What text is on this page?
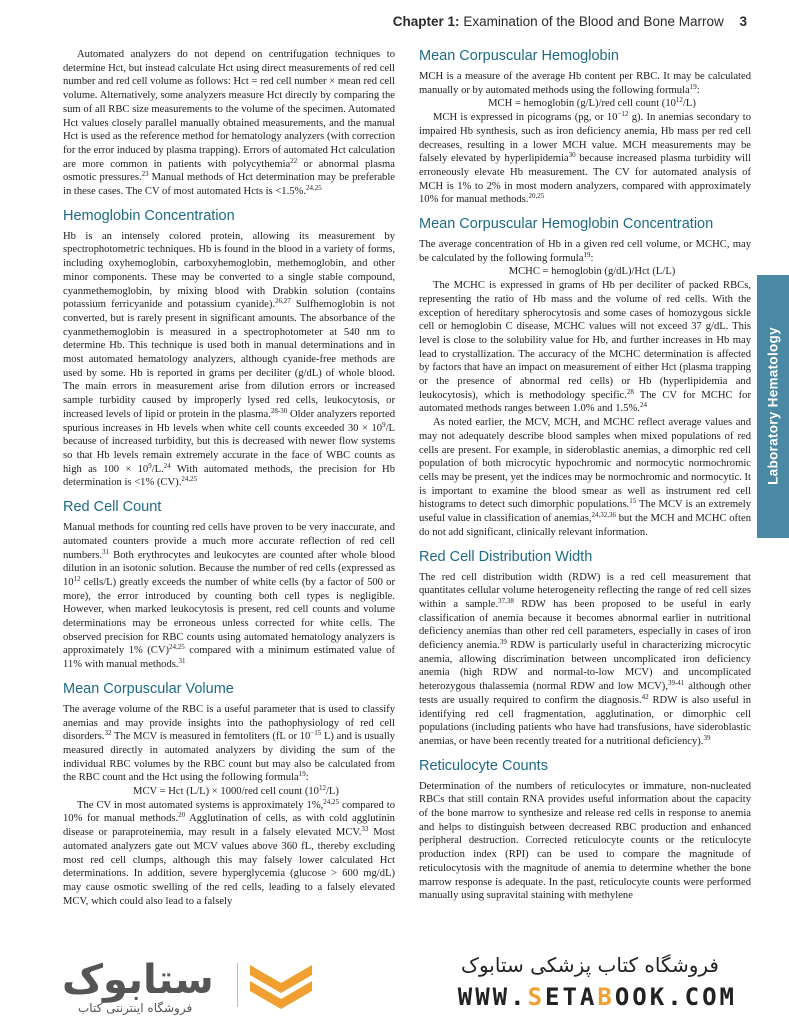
Chapter 1: Examination of the Blood and Bone Marrow 3

Automated analyzers do not depend on centrifugation techniques to determine Hct, but instead calculate Hct using direct measurements of red cell number and red cell volume as follows: Hct = red cell number × mean red cell volume. Alternatively, some analyzers measure Hct directly by comparing the sum of all RBC size measurements to the volume of the specimen. Automated Hct values closely parallel manually obtained measurements, and the manual Hct is used as the reference method for hematology analyzers (with correction for the error induced by plasma trapping). Errors of automated Hct calculation are more common in patients with polycythemia$^{22}$ or abnormal plasma osmotic pressures.$^{23}$ Manual methods of Hct determination may be preferable in these cases. The CV of most automated Hcts is <1.5%.$^{24,25}$

Hemoglobin Concentration

Hb is an intensely colored protein, allowing its measurement by spectrophotometric techniques. Hb is found in the blood in a variety of forms, including oxyhemoglobin, carboxyhemoglobin, methemoglobin, and other minor components. These may be converted to a single stable compound, cyanmethemoglobin, by mixing blood with Drabkin solution (contains potassium ferricyanide and potassium cyanide).$^{26,27}$ Sulfhemoglobin is not converted, but is rarely present in significant amounts. The absorbance of the cyanmethemoglobin is measured in a spectrophotometer at 540 nm to determine Hb. This technique is used both in manual determinations and in most automated hematology analyzers, although cyanide-free methods are used by some. Hb is reported in grams per deciliter (g/dL) of whole blood. The main errors in measurement arise from dilution errors or increased sample turbidity caused by improperly lysed red cells, leukocytosis, or increased levels of lipid or protein in the plasma.$^{28-30}$ Older analyzers reported spurious increases in Hb levels when white cell counts exceeded $30 \times 10^9/L$ because of increased turbidity, but this is decreased with newer flow systems so that Hb levels remain extremely accurate in the face of WBC counts as high as $100 \times 10^9/L.^{24}$ With automated methods, the precision for Hb determination is <1% (CV).$^{24,25}$

Red Cell Count

Manual methods for counting red cells have proven to be very inaccurate, and automated counters provide a much more accurate reflection of red cell numbers.$^{31}$ Both erythrocytes and leukocytes are counted after whole blood dilution in an isotonic solution. Because the number of red cells (expressed as $10^{12}$ cells/L) greatly exceeds the number of white cells (by a factor of 500 or more), the error introduced by counting both cell types is negligible. However, when marked leukocytosis is present, red cell counts and volume determinations may be erroneous unless corrected for white cells. The observed precision for RBC counts using automated hematology analyzers is approximately 1% (CV)$^{24,25}$ compared with a minimum estimated value of 11% with manual methods.$^{31}$

Mean Corpuscular Volume

The average volume of the RBC is a useful parameter that is used to classify anemias and may provide insights into the pathophysiology of red cell disorders.$^{32}$ The MCV is measured in femtoliters (fL or $10^{-15}$ L) and is usually measured directly in automated analyzers by dividing the sum of the individual RBC volumes by the RBC count but may also be calculated from the RBC count and the Hct using the following formula$^{19}$:

MCV = Hct (L/L) × 1000/red cell count $(10^{12}/L)$

The CV in most automated systems is approximately 1%,$^{24,25}$ compared to 10% for manual methods.$^{20}$ Agglutination of cells, as with cold agglutinin disease or paraproteinemia, may result in a falsely elevated MCV.$^{33}$ Most automated analyzers gate out MCV values above 360 fL, thereby excluding most red cell clumps, although this may falsely lower calculated Hct determinations. In addition, severe hyperglycemia (glucose > 600 mg/dL) may cause osmotic swelling of the red cells, leading to a falsely elevated MCV, which could also lead to a falsely

Mean Corpuscular Hemoglobin

MCH is a measure of the average Hb content per RBC. It may be calculated manually or by automated methods using the following formula$^{19}$:

MCH = hemoglobin (g/L)/red cell count $(10^{12}/L)$

MCH is expressed in picograms (pg, or $10^{-12}$ g). In anemias secondary to impaired Hb synthesis, such as iron deficiency anemia, Hb mass per red cell decreases, resulting in a lower MCH value. MCH measurements may be falsely elevated by hyperlipidemia$^{30}$ because increased plasma turbidity will erroneously elevate Hb measurement. The CV for automated analysis of MCH is 1% to 2% in most modern analyzers, compared with approximately 10% for manual methods.$^{20,25}$

Mean Corpuscular Hemoglobin Concentration

The average concentration of Hb in a given red cell volume, or MCHC, may be calculated by the following formula$^{19}$:

MCHC = hemoglobin (g/dL)/Hct (L/L)

The MCHC is expressed in grams of Hb per deciliter of packed RBCs, representing the ratio of Hb mass and the volume of red cells. With the exception of hereditary spherocytosis and some cases of homozygous sickle cell or hemoglobin C disease, MCHC values will not exceed 37 g/dL. This level is close to the solubility value for Hb, and further increases in Hb may lead to crystallization. The accuracy of the MCHC determination is affected by factors that have an impact on measurement of either Hct (plasma trapping or the presence of abnormal red cells) or Hb (hyperlipidemia and leukocytosis), which is methodology specific.$^{28}$ The CV for MCHC for automated methods ranges between 1.0% and 1.5%.$^{24}$

As noted earlier, the MCV, MCH, and MCHC reflect average values and may not adequately describe blood samples when mixed populations of red cells are present. For example, in sideroblastic anemias, a dimorphic red cell population of both microcytic hypochromic and normocytic normochromic cells may be present, yet the indices may be normochromic and normocytic. It is important to examine the blood smear as well as instrument red cell histograms to detect such dimorphic populations.$^{15}$ The MCV is an extremely useful value in classification of anemias,$^{24,32,36}$ but the MCH and MCHC often do not add significant, clinically relevant information.

Red Cell Distribution Width

The red cell distribution width (RDW) is a red cell measurement that quantitates cellular volume heterogeneity reflecting the range of red cell sizes within a sample.$^{37,38}$ RDW has been proposed to be useful in early classification of anemia because it becomes abnormal earlier in nutritional deficiency anemias than other red cell parameters, especially in cases of iron deficiency anemia.$^{39}$ RDW is particularly useful in characterizing microcytic anemia, allowing discrimination between uncomplicated iron deficiency anemia (high RDW and normal-to-low MCV) and uncomplicated heterozygous thalassemia (normal RDW and low MCV),$^{39-41}$ although other tests are usually required to confirm the diagnosis.$^{42}$ RDW is also useful in identifying red cell fragmentation, agglutination, or dimorphic cell populations (including patients who have had transfusions, have sideroblastic anemias, or have been recently treated for a nutritional deficiency).$^{39}$

Reticulocyte Counts

Determination of the numbers of reticulocytes or immature, non-nucleated RBCs that still contain RNA provides useful information about the capacity of the bone marrow to synthesize and release red cells in response to anemia and helps to distinguish between decreased RBC production and enhanced peripheral destruction. Corrected reticulocyte counts or the reticulocyte production index (RPI) can be used to compare the magnitude of reticulocytosis with the magnitude of anemia to determine whether the bone marrow response is adequate. In the past, reticulocyte counts were performed manually using supravital staining with methylene

Laboratory Hematology
ستابوک
فروشگاه اینترنتی کتاب
فروشگاه کتاب پزشکی ستابوک
WWW.SETABOOK.COM
